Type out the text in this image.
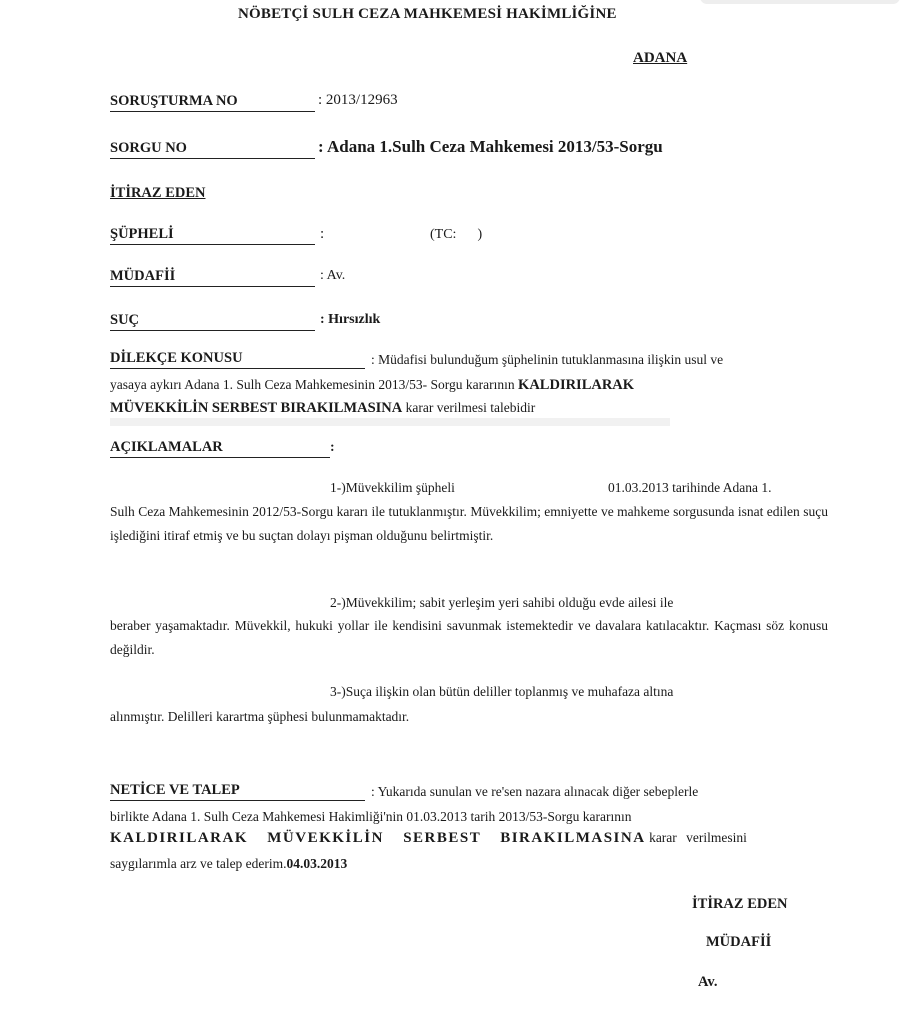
NÖBETÇİ SULH CEZA MAHKEMESİ HAKİMLİĞİNE
ADANA
SORUŞTURMA NO	: 2013/12963
SORGU NO	: Adana 1.Sulh Ceza Mahkemesi 2013/53-Sorgu
İTİRAZ EDEN
ŞÜPHELİ	:	(TC:      )
MÜDAFİİ	: Av.
SUÇ	: Hırsızlık
DİLEKÇE KONUSU	: Müdafisi bulunduğum şüphelinin tutuklanmasına ilişkin usul ve
yasaya aykırı Adana 1. Sulh Ceza Mahkemesinin 2013/53- Sorgu kararının KALDIRILARAK
MÜVEKKİLİN SERBEST BIRAKILMASINA karar verilmesi talebidir
AÇIKLAMALAR	:
1-)Müvekkilim şüpheli	01.03.2013 tarihinde Adana 1.
Sulh Ceza Mahkemesinin 2012/53-Sorgu kararı ile tutuklanmıştır. Müvekkilim; emniyette ve mahkeme sorgusunda isnat edilen suçu işlediğini itiraf etmiş ve bu suçtan dolayı pişman olduğunu belirtmiştir.
2-)Müvekkilim; sabit yerleşim yeri sahibi olduğu evde ailesi ile
beraber yaşamaktadır. Müvekkil, hukuki yollar ile kendisini savunmak istemektedir ve davalara katılacaktır. Kaçması söz konusu değildir.
3-)Suça ilişkin olan bütün deliller toplanmış ve muhafaza altına
alınmıştır. Delilleri karartma şüphesi bulunmamaktadır.
NETİCE VE TALEP	: Yukarıda sunulan ve re'sen nazara alınacak diğer sebeplerle
birlikte Adana 1. Sulh Ceza Mahkemesi Hakimliği'nin 01.03.2013 tarih 2013/53-Sorgu kararının
KALDIRILARAK MÜVEKKİLİN SERBEST BIRAKILMASINA karar verilmesini
saygılarımla arz ve talep ederim.04.03.2013
İTİRAZ EDEN
MÜDAFİİ
Av.
